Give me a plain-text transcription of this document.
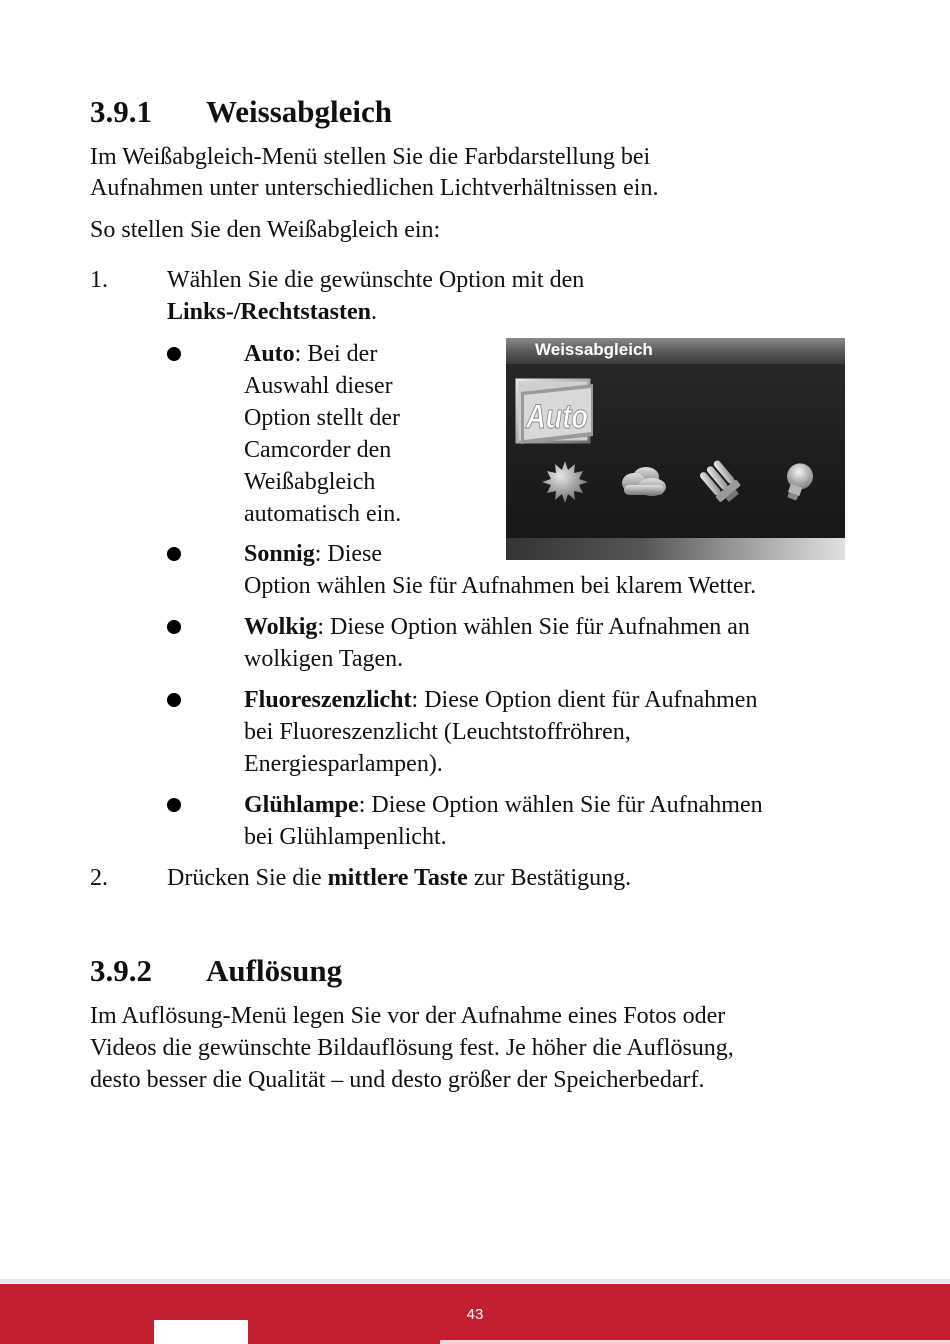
3.9.1 Weissabgleich

Im Weißabgleich-Menü stellen Sie die Farbdarstellung bei
Aufnahmen unter unterschiedlichen Lichtverhältnissen ein.

So stellen Sie den Weißabgleich ein:

1. Wählen Sie die gewünschte Option mit den
Links-/Rechtstasten.
Auto: Bei der
Auswahl dieser
Option stellt der
Camcorder den
Weißabgleich
automatisch ein.
Weissabgleich
Auto
Sonnig: Diese
Option wählen Sie für Aufnahmen bei klarem Wetter.
Wolkig: Diese Option wählen Sie für Aufnahmen an
wolkigen Tagen.
Fluoreszenzlicht: Diese Option dient für Aufnahmen
bei Fluoreszenzlicht (Leuchtstoffröhren,
Energiesparlampen).
Glühlampe: Diese Option wählen Sie für Aufnahmen
bei Glühlampenlicht.
2. Drücken Sie die mittlere Taste zur Bestätigung.
3.9.2 Auflösung

Im Auflösung-Menü legen Sie vor der Aufnahme eines Fotos oder
Videos die gewünschte Bildauflösung fest. Je höher die Auflösung,
desto besser die Qualität – und desto größer der Speicherbedarf.

43
